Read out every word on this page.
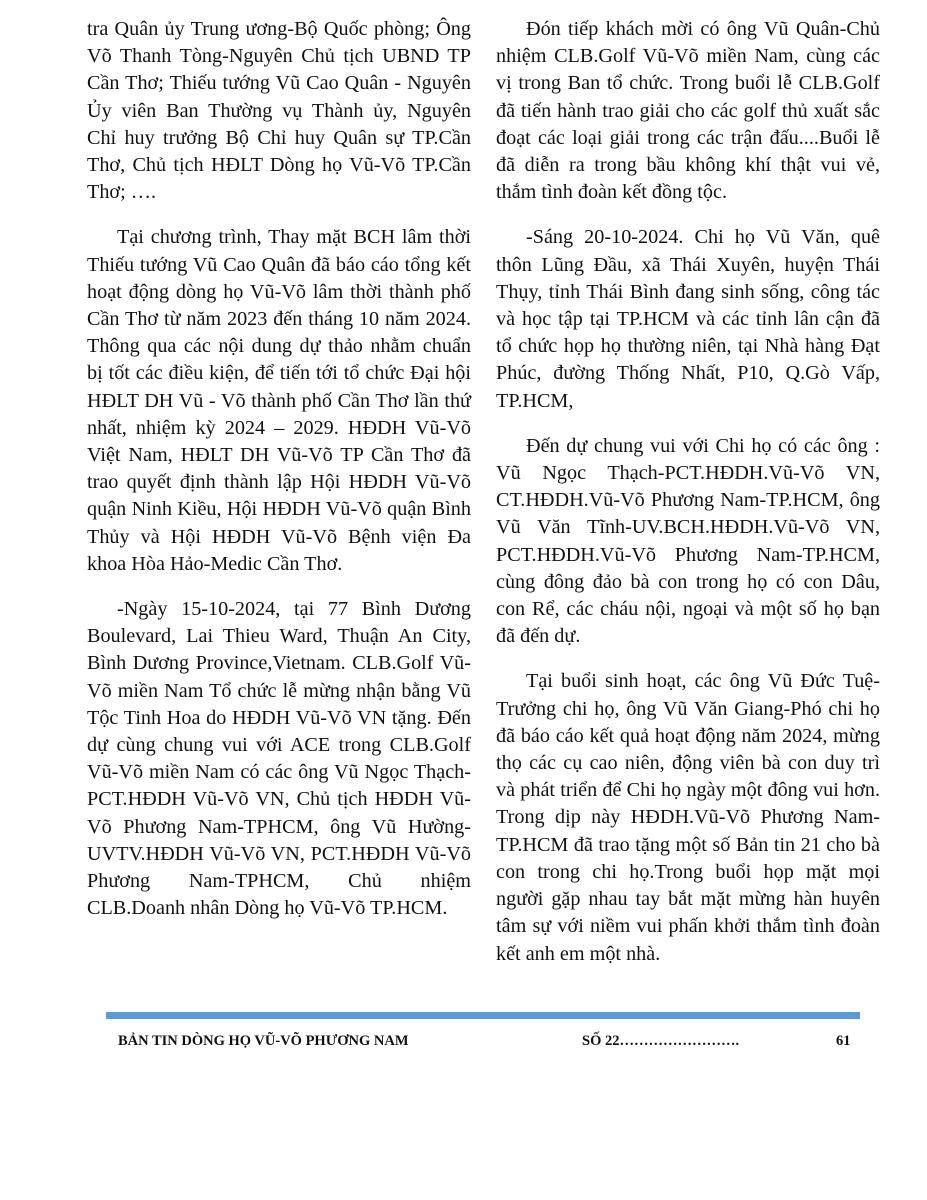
tra Quân ủy Trung ương-Bộ Quốc phòng; Ông Võ Thanh Tòng-Nguyên Chủ tịch UBND TP Cần Thơ; Thiếu tướng Vũ Cao Quân - Nguyên Ủy viên Ban Thường vụ Thành ủy, Nguyên Chỉ huy trưởng Bộ Chỉ huy Quân sự TP.Cần Thơ, Chủ tịch HĐLT Dòng họ Vũ-Võ TP.Cần Thơ; ….

Tại chương trình, Thay mặt BCH lâm thời Thiếu tướng Vũ Cao Quân đã báo cáo tổng kết hoạt động dòng họ Vũ-Võ lâm thời thành phố Cần Thơ từ năm 2023 đến tháng 10 năm 2024. Thông qua các nội dung dự thảo nhằm chuẩn bị tốt các điều kiện, để tiến tới tổ chức Đại hội HĐLT DH Vũ - Võ thành phố Cần Thơ lần thứ nhất, nhiệm kỳ 2024 – 2029. HĐDH Vũ-Võ Việt Nam, HĐLT DH Vũ-Võ TP Cần Thơ đã trao quyết định thành lập Hội HĐDH Vũ-Võ quận Ninh Kiều, Hội HĐDH Vũ-Võ quận Bình Thủy và Hội HĐDH Vũ-Võ Bệnh viện Đa khoa Hòa Hảo-Medic Cần Thơ.

-Ngày 15-10-2024, tại 77 Bình Dương Boulevard, Lai Thieu Ward, Thuận An City, Bình Dương Province,Vietnam. CLB.Golf Vũ-Võ miền Nam Tổ chức lễ mừng nhận bằng Vũ Tộc Tinh Hoa do HĐDH Vũ-Võ VN tặng. Đến dự cùng chung vui với ACE trong CLB.Golf Vũ-Võ miền Nam có các ông Vũ Ngọc Thạch-PCT.HĐDH Vũ-Võ VN, Chủ tịch HĐDH Vũ-Võ Phương Nam-TPHCM, ông Vũ Hường-UVTV.HĐDH Vũ-Võ VN, PCT.HĐDH Vũ-Võ Phương Nam-TPHCM, Chủ nhiệm CLB.Doanh nhân Dòng họ Vũ-Võ TP.HCM.

Đón tiếp khách mời có ông Vũ Quân-Chủ nhiệm CLB.Golf Vũ-Võ miền Nam, cùng các vị trong Ban tổ chức. Trong buổi lễ CLB.Golf đã tiến hành trao giải cho các golf thủ xuất sắc đoạt các loại giải trong các trận đấu....Buổi lễ đã diễn ra trong bầu không khí thật vui vẻ, thắm tình đoàn kết đồng tộc.

-Sáng 20-10-2024. Chi họ Vũ Văn, quê thôn Lũng Đầu, xã Thái Xuyên, huyện Thái Thụy, tỉnh Thái Bình đang sinh sống, công tác và học tập tại TP.HCM và các tỉnh lân cận đã tổ chức họp họ thường niên, tại Nhà hàng Đạt Phúc, đường Thống Nhất, P10, Q.Gò Vấp, TP.HCM,

Đến dự chung vui với Chi họ có các ông : Vũ Ngọc Thạch-PCT.HĐDH.Vũ-Võ VN, CT.HĐDH.Vũ-Võ Phương Nam-TP.HCM, ông Vũ Văn Tĩnh-UV.BCH.HĐDH.Vũ-Võ VN, PCT.HĐDH.Vũ-Võ Phương Nam-TP.HCM, cùng đông đảo bà con trong họ có con Dâu, con Rể, các cháu nội, ngoại và một số họ bạn đã đến dự.

Tại buổi sinh hoạt, các ông Vũ Đức Tuệ-Trưởng chi họ, ông Vũ Văn Giang-Phó chi họ đã báo cáo kết quả hoạt động năm 2024, mừng thọ các cụ cao niên, động viên bà con duy trì và phát triển để Chi họ ngày một đông vui hơn. Trong dịp này HĐDH.Vũ-Võ Phương Nam-TP.HCM đã trao tặng một số Bản tin 21 cho bà con trong chi họ.Trong buổi họp mặt mọi người gặp nhau tay bắt mặt mừng hàn huyên tâm sự với niềm vui phấn khởi thắm tình đoàn kết anh em một nhà.

BẢN TIN DÒNG HỌ VŨ-VÕ PHƯƠNG NAM	SỐ 22…………………….	61
